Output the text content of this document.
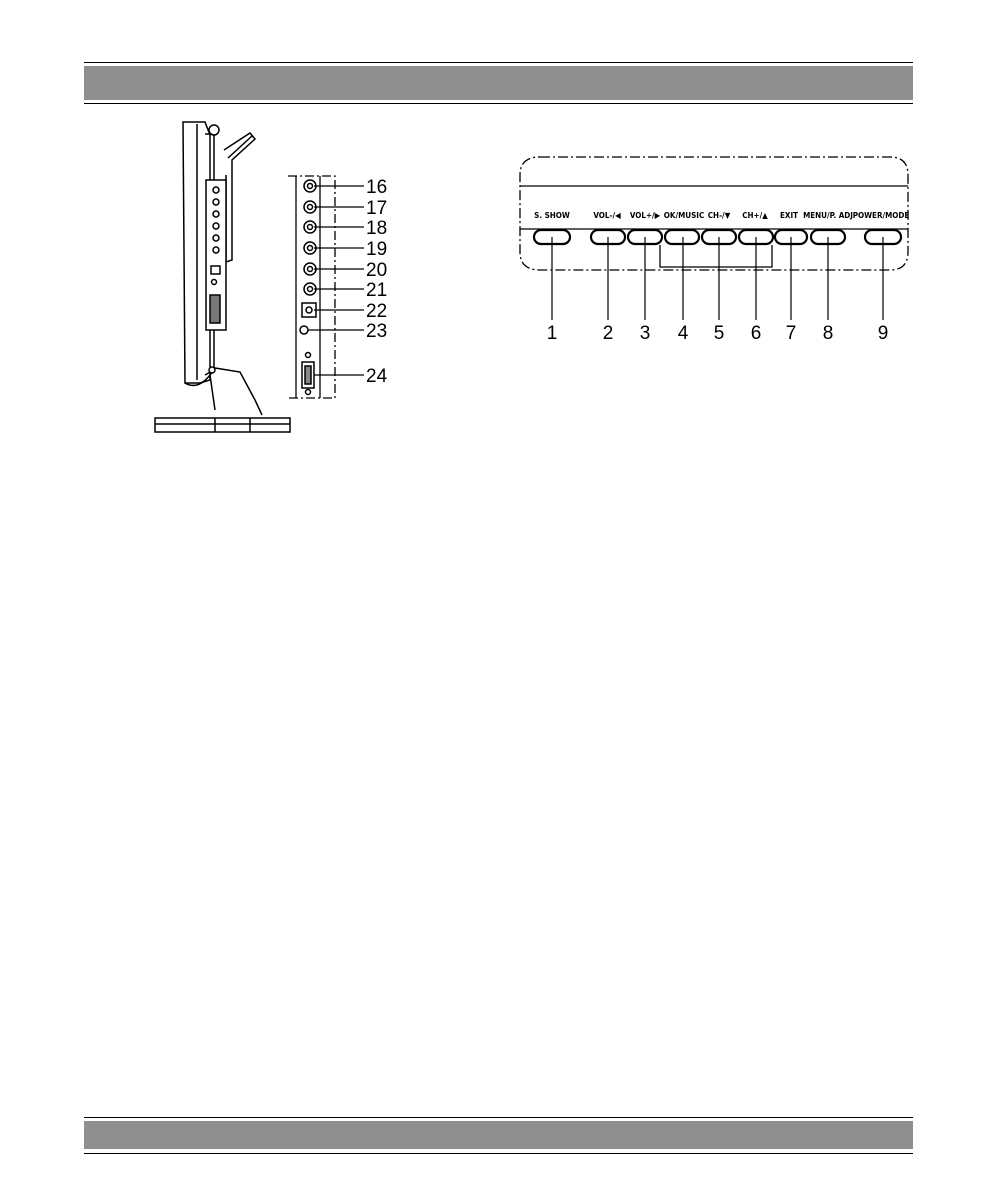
16
17
18
19
20
21
22
23
24
S. SHOW	VOL-/◀ VOL+/▶ OK/MUSIC CH-/▼ CH+/▲ EXIT MENU/P. ADJ POWER/MODE
1 2 3 4 5 6 7 8 9
